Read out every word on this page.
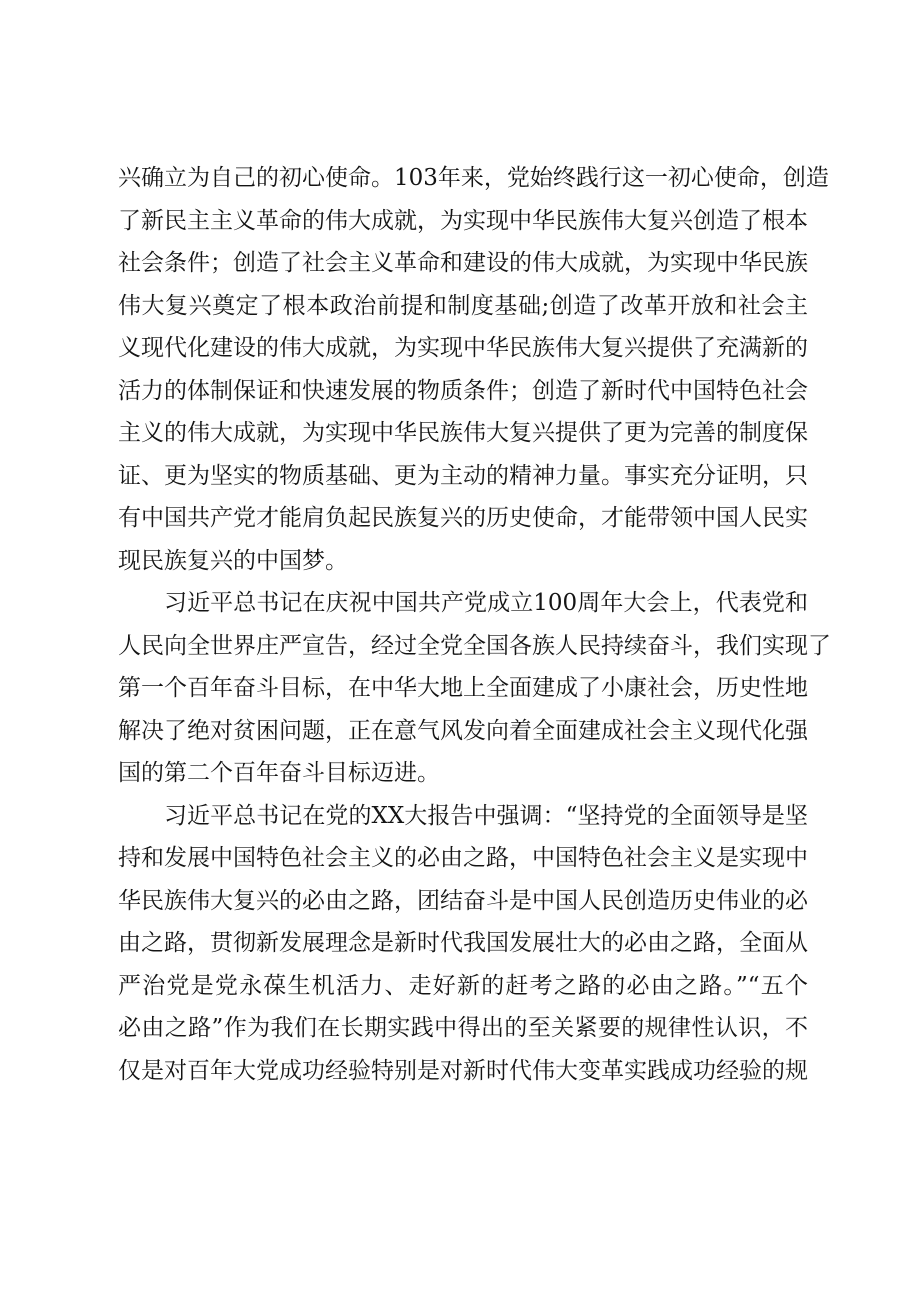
兴确立为自己的初心使命。103年来，党始终践行这一初心使命，创造
了新民主主义革命的伟大成就，为实现中华民族伟大复兴创造了根本
社会条件；创造了社会主义革命和建设的伟大成就，为实现中华民族
伟大复兴奠定了根本政治前提和制度基础;创造了改革开放和社会主
义现代化建设的伟大成就，为实现中华民族伟大复兴提供了充满新的
活力的体制保证和快速发展的物质条件；创造了新时代中国特色社会
主义的伟大成就，为实现中华民族伟大复兴提供了更为完善的制度保
证、更为坚实的物质基础、更为主动的精神力量。事实充分证明，只
有中国共产党才能肩负起民族复兴的历史使命，才能带领中国人民实
现民族复兴的中国梦。
习近平总书记在庆祝中国共产党成立100周年大会上，代表党和
人民向全世界庄严宣告，经过全党全国各族人民持续奋斗，我们实现了
第一个百年奋斗目标，在中华大地上全面建成了小康社会，历史性地
解决了绝对贫困问题，正在意气风发向着全面建成社会主义现代化强
国的第二个百年奋斗目标迈进。
习近平总书记在党的XX大报告中强调：“坚持党的全面领导是坚
持和发展中国特色社会主义的必由之路，中国特色社会主义是实现中
华民族伟大复兴的必由之路，团结奋斗是中国人民创造历史伟业的必
由之路，贯彻新发展理念是新时代我国发展壮大的必由之路，全面从
严治党是党永葆生机活力、走好新的赶考之路的必由之路。”“五个
必由之路”作为我们在长期实践中得出的至关紧要的规律性认识，不
仅是对百年大党成功经验特别是对新时代伟大变革实践成功经验的规
